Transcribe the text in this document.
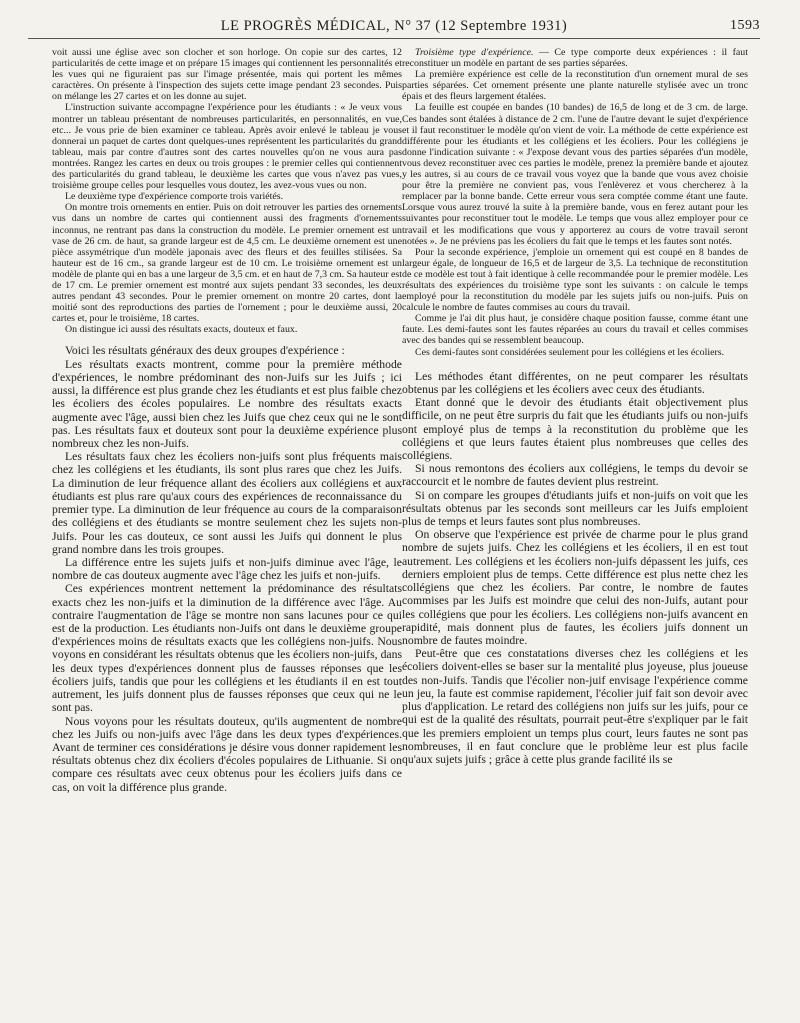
LE PROGRÈS MÉDICAL, N° 37 (12 Septembre 1931)	1593

voit aussi une église avec son clocher et son horloge. On copie sur des cartes, 12 particularités de cette image et on prépare 15 images qui contiennent les personnalités et les vues qui ne figuraient pas sur l'image présentée, mais qui portent les mêmes caractères. On présente à l'inspection des sujets cette image pendant 23 secondes. Puis on mélange les 27 cartes et on les donne au sujet.

L'instruction suivante accompagne l'expérience pour les étudiants : « Je veux vous montrer un tableau présentant de nombreuses particularités, en personnalités, en vue, etc... Je vous prie de bien examiner ce tableau. Après avoir enlevé le tableau je vous donnerai un paquet de cartes dont quelques-unes représentent les particularités du grand tableau, mais par contre d'autres sont des cartes nouvelles qu'on ne vous aura pas montrées. Rangez les cartes en deux ou trois groupes : le premier celles qui contiennent des particularités du grand tableau, le deuxième les cartes que vous n'avez pas vues, troisième groupe celles pour lesquelles vous doutez, les avez-vous vues ou non.

Le deuxième type d'expérience comporte trois variétés.

On montre trois ornements en entier. Puis on doit retrouver les parties des ornements vus dans un nombre de cartes qui contiennent aussi des fragments d'ornements inconnus, ne rentrant pas dans la construction du modèle. Le premier ornement est un vase de 26 cm. de haut, sa grande largeur est de 4,5 cm. Le deuxième ornement est une pièce assymétrique d'un modèle japonais avec des fleurs et des feuilles stilisées. Sa hauteur est de 16 cm., sa grande largeur est de 10 cm. Le troisième ornement est un modèle de plante qui en bas a une largeur de 3,5 cm. et en haut de 7,3 cm. Sa hauteur est de 17 cm. Le premier ornement est montré aux sujets pendant 33 secondes, les deux autres pendant 43 secondes. Pour le premier ornement on montre 20 cartes, dont la moitié sont des reproductions des parties de l'ornement ; pour le deuxième aussi, 20 cartes et, pour le troisième, 18 cartes.

On distingue ici aussi des résultats exacts, douteux et faux.

Voici les résultats généraux des deux groupes d'expérience :

Les résultats exacts montrent, comme pour la première méthode d'expériences, le nombre prédominant des non-Juifs sur les Juifs ; ici aussi, la différence est plus grande chez les étudiants et est plus faible chez les écoliers des écoles populaires. Le nombre des résultats exacts augmente avec l'âge, aussi bien chez les Juifs que chez ceux qui ne le sont pas. Les résultats faux et douteux sont pour la deuxième expérience plus nombreux chez les non-Juifs.

Les résultats faux chez les écoliers non-juifs sont plus fréquents mais chez les collégiens et les étudiants, ils sont plus rares que chez les Juifs. La diminution de leur fréquence allant des écoliers aux collégiens et aux étudiants est plus rare qu'aux cours des expériences de reconnaissance du premier type. La diminution de leur fréquence au cours de la comparaison des collégiens et des étudiants se montre seulement chez les sujets non-Juifs. Pour les cas douteux, ce sont aussi les Juifs qui donnent le plus grand nombre dans les trois groupes.

La différence entre les sujets juifs et non-juifs diminue avec l'âge, le nombre de cas douteux augmente avec l'âge chez les juifs et non-juifs.

Ces expériences montrent nettement la prédominance des résultats exacts chez les non-juifs et la diminution de la différence avec l'âge. Au contraire l'augmentation de l'âge se montre non sans lacunes pour ce qui est de la production. Les étudiants non-Juifs ont dans le deuxième groupe d'expériences moins de résultats exacts que les collégiens non-juifs. Nous voyons en considérant les résultats obtenus que les écoliers non-juifs, dans les deux types d'expériences donnent plus de fausses réponses que les écoliers juifs, tandis que pour les collégiens et les étudiants il en est tout autrement, les juifs donnent plus de fausses réponses que ceux qui ne le sont pas.

Nous voyons pour les résultats douteux, qu'ils augmentent de nombre chez les Juifs ou non-juifs avec l'âge dans les deux types d'expériences. Avant de terminer ces considérations je désire vous donner rapidement les résultats obtenus chez dix écoliers d'écoles populaires de Lithuanie. Si on compare ces résultats avec ceux obtenus pour les écoliers juifs dans ce cas, on voit la différence plus grande.

Troisième type d'expérience. — Ce type comporte deux expériences : il faut reconstituer un modèle en partant de ses parties séparées.

La première expérience est celle de la reconstitution d'un ornement mural de ses parties séparées. Cet ornement présente une plante naturelle stylisée avec un tronc épais et des fleurs largement étalées.

La feuille est coupée en bandes (10 bandes) de 16,5 de long et de 3 cm. de large. Ces bandes sont étalées à distance de 2 cm. l'une de l'autre devant le sujet d'expérience et il faut reconstituer le modèle qu'on vient de voir. La méthode de cette expérience est différente pour les étudiants et les collégiens et les écoliers. Pour les collégiens je donne l'indication suivante : « J'expose devant vous des parties séparées d'un modèle, vous devez reconstituer avec ces parties le modèle, prenez la première bande et ajoutez y les autres, si au cours de ce travail vous voyez que la bande que vous avez choisie pour être la première ne convient pas, vous l'enlèverez et vous chercherez à la remplacer par la bonne bande. Cette erreur vous sera comptée comme étant une faute. Lorsque vous aurez trouvé la suite à la première bande, vous en ferez autant pour les suivantes pour reconstituer tout le modèle. Le temps que vous allez employer pour ce travail et les modifications que vous y apporterez au cours de votre travail seront notées ». Je ne préviens pas les écoliers du fait que le temps et les fautes sont notés.

Pour la seconde expérience, j'emploie un ornement qui est coupé en 8 bandes de largeur égale, de longueur de 16,5 et de largeur de 3,5. La technique de reconstitution de ce modèle est tout à fait identique à celle recommandée pour le premier modèle. Les résultats des expériences du troisième type sont les suivants : on calcule le temps employé pour la reconstitution du modèle par les sujets juifs ou non-juifs. Puis on calcule le nombre de fautes commises au cours du travail.

Comme je l'ai dit plus haut, je considère chaque position fausse, comme étant une faute. Les demi-fautes sont les fautes réparées au cours du travail et celles commises avec des bandes qui se ressemblent beaucoup.

Ces demi-fautes sont considérées seulement pour les collégiens et les écoliers.

Les méthodes étant différentes, on ne peut comparer les résultats obtenus par les collégiens et les écoliers avec ceux des étudiants.

Etant donné que le devoir des étudiants était objectivement plus difficile, on ne peut être surpris du fait que les étudiants juifs ou non-juifs ont employé plus de temps à la reconstitution du problème que les collégiens et que leurs fautes étaient plus nombreuses que celles des collégiens.

Si nous remontons des écoliers aux collégiens, le temps du devoir se raccourcit et le nombre de fautes devient plus restreint.

Si on compare les groupes d'étudiants juifs et non-juifs on voit que les résultats obtenus par les seconds sont meilleurs car les Juifs emploient plus de temps et leurs fautes sont plus nombreuses.

On observe que l'expérience est privée de charme pour le plus grand nombre de sujets juifs. Chez les collégiens et les écoliers, il en est tout autrement. Les collégiens et les écoliers non-juifs dépassent les juifs, ces derniers emploient plus de temps. Cette différence est plus nette chez les collégiens que chez les écoliers. Par contre, le nombre de fautes commises par les Juifs est moindre que celui des non-Juifs, autant pour les collégiens que pour les écoliers. Les collégiens non-juifs avancent en rapidité, mais donnent plus de fautes, les écoliers juifs donnent un nombre de fautes moindre.

Peut-être que ces constatations diverses chez les collégiens et les écoliers doivent-elles se baser sur la mentalité plus joyeuse, plus joueuse des non-Juifs. Tandis que l'écolier non-juif envisage l'expérience comme un jeu, la faute est commise rapidement, l'écolier juif fait son devoir avec plus d'application. Le retard des collégiens non juifs sur les juifs, pour ce qui est de la qualité des résultats, pourrait peut-être s'expliquer par le fait que les premiers emploient un temps plus court, leurs fautes ne sont pas nombreuses, il en faut conclure que le problème leur est plus facile qu'aux sujets juifs ; grâce à cette plus grande facilité ils se
